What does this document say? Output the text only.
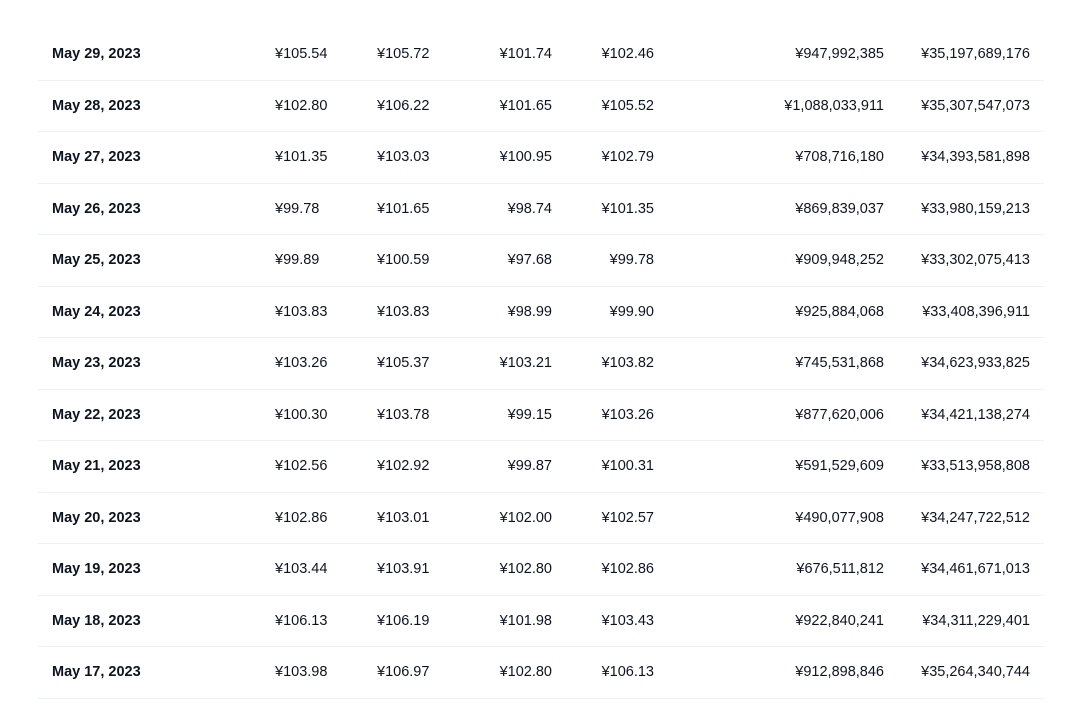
May 29, 2023	¥105.54	¥105.72	¥101.74	¥102.46	¥947,992,385	¥35,197,689,176
May 28, 2023	¥102.80	¥106.22	¥101.65	¥105.52	¥1,088,033,911	¥35,307,547,073
May 27, 2023	¥101.35	¥103.03	¥100.95	¥102.79	¥708,716,180	¥34,393,581,898
May 26, 2023	¥99.78	¥101.65	¥98.74	¥101.35	¥869,839,037	¥33,980,159,213
May 25, 2023	¥99.89	¥100.59	¥97.68	¥99.78	¥909,948,252	¥33,302,075,413
May 24, 2023	¥103.83	¥103.83	¥98.99	¥99.90	¥925,884,068	¥33,408,396,911
May 23, 2023	¥103.26	¥105.37	¥103.21	¥103.82	¥745,531,868	¥34,623,933,825
May 22, 2023	¥100.30	¥103.78	¥99.15	¥103.26	¥877,620,006	¥34,421,138,274
May 21, 2023	¥102.56	¥102.92	¥99.87	¥100.31	¥591,529,609	¥33,513,958,808
May 20, 2023	¥102.86	¥103.01	¥102.00	¥102.57	¥490,077,908	¥34,247,722,512
May 19, 2023	¥103.44	¥103.91	¥102.80	¥102.86	¥676,511,812	¥34,461,671,013
May 18, 2023	¥106.13	¥106.19	¥101.98	¥103.43	¥922,840,241	¥34,311,229,401
May 17, 2023	¥103.98	¥106.97	¥102.80	¥106.13	¥912,898,846	¥35,264,340,744
